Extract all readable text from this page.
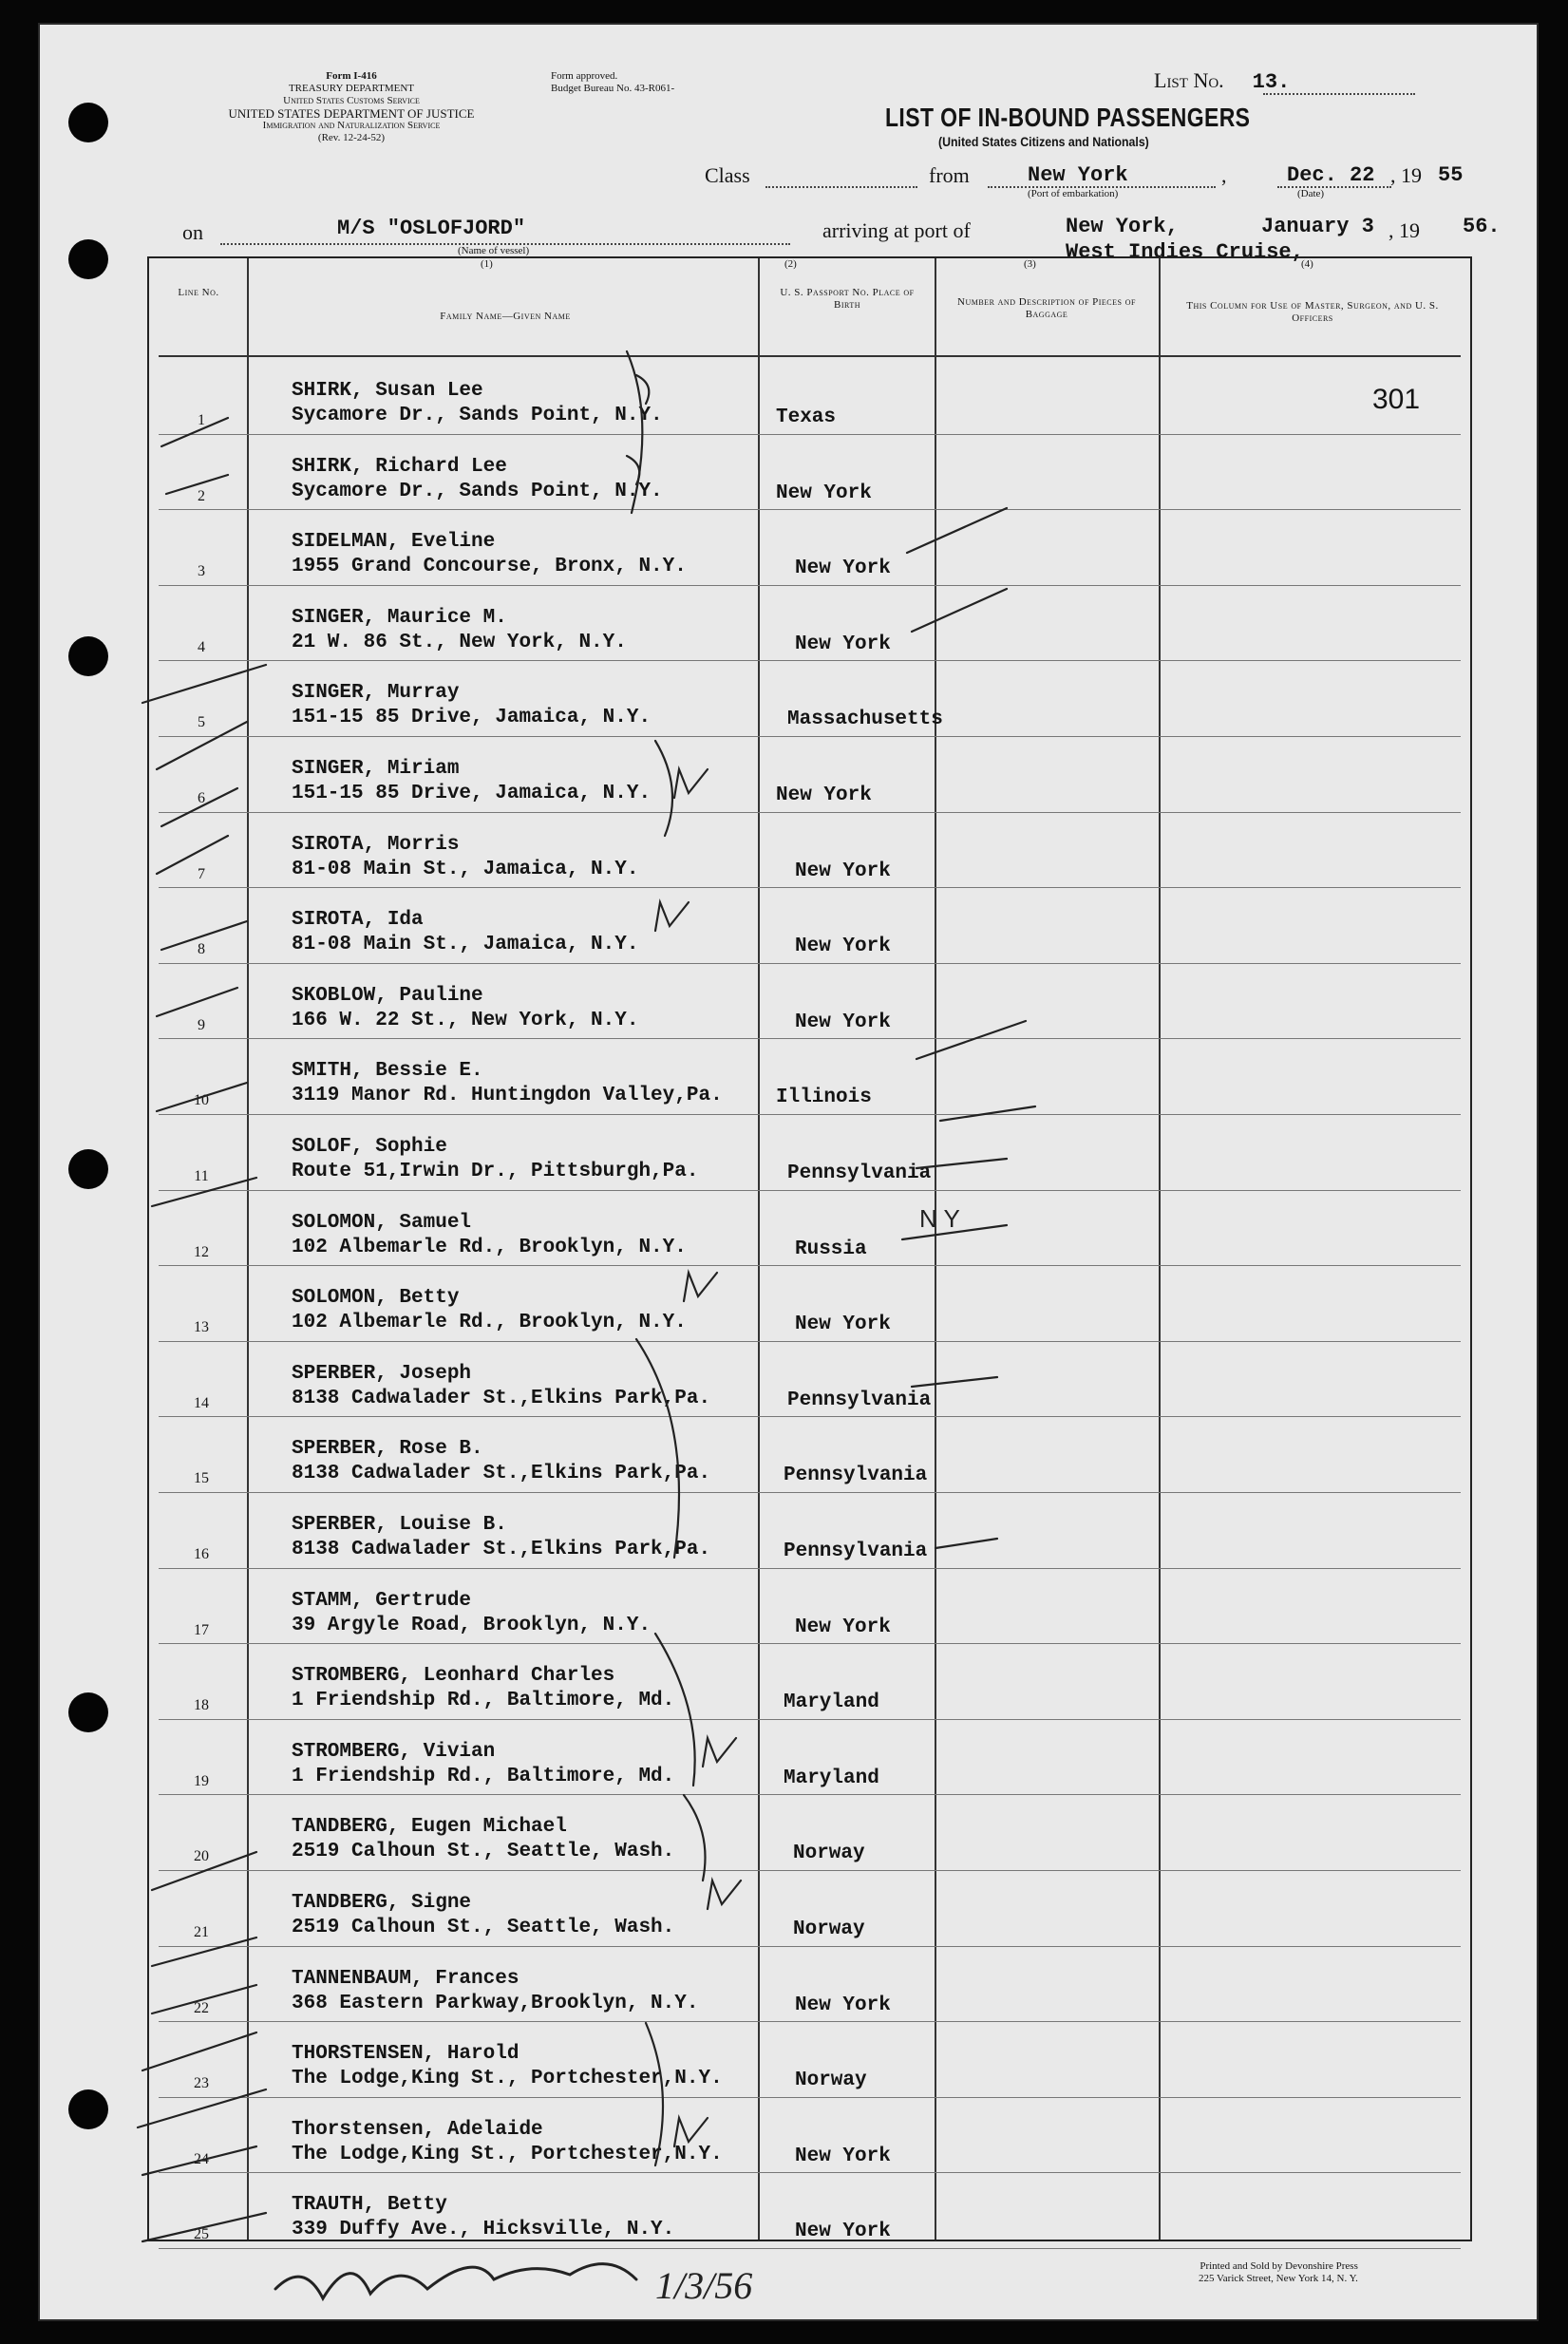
Form I-416
TREASURY DEPARTMENT
United States Customs Service
UNITED STATES DEPARTMENT OF JUSTICE
Immigration and Naturalization Service
(Rev. 12-24-52)
Form approved.
Budget Bureau No. 43-R061-	List No. 13.
LIST OF IN-BOUND PASSENGERS
(United States Citizens and Nationals)
Class	from	New York
(Port of embarkation)
,	Dec. 22 , 19 55
(Date)
on	M/S "OSLOFJORD"
(Name of vessel)
(1)
arriving at port of
(2)
New York,
(3)
January 3 , 19 56.
West Indies Cruise,
(4)
Line No.
Family Name—Given Name
U. S. Passport No. Place of Birth	Number and Description of Pieces of Baggage
This Column for Use of Master, Surgeon, and U. S. Officers
301
1
SHIRK, Susan Lee
Sycamore Dr., Sands Point, N.Y.	Texas
2
SHIRK, Richard Lee
Sycamore Dr., Sands Point, N.Y.	New York
3
SIDELMAN, Eveline
1955 Grand Concourse, Bronx, N.Y.	New York
4
SINGER, Maurice M.
21 W. 86 St., New York, N.Y.	New York
5
SINGER, Murray
151-15 85 Drive, Jamaica, N.Y.	Massachusetts
6
SINGER, Miriam
151-15 85 Drive, Jamaica, N.Y.	New York
7
SIROTA, Morris
81-08 Main St., Jamaica, N.Y.	New York
8
SIROTA, Ida
81-08 Main St., Jamaica, N.Y.	New York
9
SKOBLOW, Pauline
166 W. 22 St., New York, N.Y.	New York
10
SMITH, Bessie E.
3119 Manor Rd. Huntingdon Valley,Pa.	Illinois
11
SOLOF, Sophie
Route 51,Irwin Dr., Pittsburgh,Pa.	Pennsylvania
12
SOLOMON, Samuel
102 Albemarle Rd., Brooklyn, N.Y.	Russia
13
SOLOMON, Betty
102 Albemarle Rd., Brooklyn, N.Y.	New York
14
SPERBER, Joseph
8138 Cadwalader St.,Elkins Park,Pa.	Pennsylvania
15
SPERBER, Rose B.
8138 Cadwalader St.,Elkins Park,Pa.	Pennsylvania
16
SPERBER, Louise B.
8138 Cadwalader St.,Elkins Park,Pa.	Pennsylvania
17
STAMM, Gertrude
39 Argyle Road, Brooklyn, N.Y.	New York
18
STROMBERG, Leonhard Charles
1 Friendship Rd., Baltimore, Md.	Maryland
19
STROMBERG, Vivian
1 Friendship Rd., Baltimore, Md.	Maryland
20
TANDBERG, Eugen Michael
2519 Calhoun St., Seattle, Wash.	Norway
21
TANDBERG, Signe
2519 Calhoun St., Seattle, Wash.	Norway
22
TANNENBAUM, Frances
368 Eastern Parkway,Brooklyn, N.Y.	New York
23
THORSTENSEN, Harold
The Lodge,King St., Portchester,N.Y.	Norway
24
Thorstensen, Adelaide
The Lodge,King St., Portchester,N.Y.	New York
25
TRAUTH, Betty
339 Duffy Ave., Hicksville, N.Y.	New York
N Y
1/3/56	Printed and Sold by Devonshire Press
225 Varick Street, New York 14, N. Y.
